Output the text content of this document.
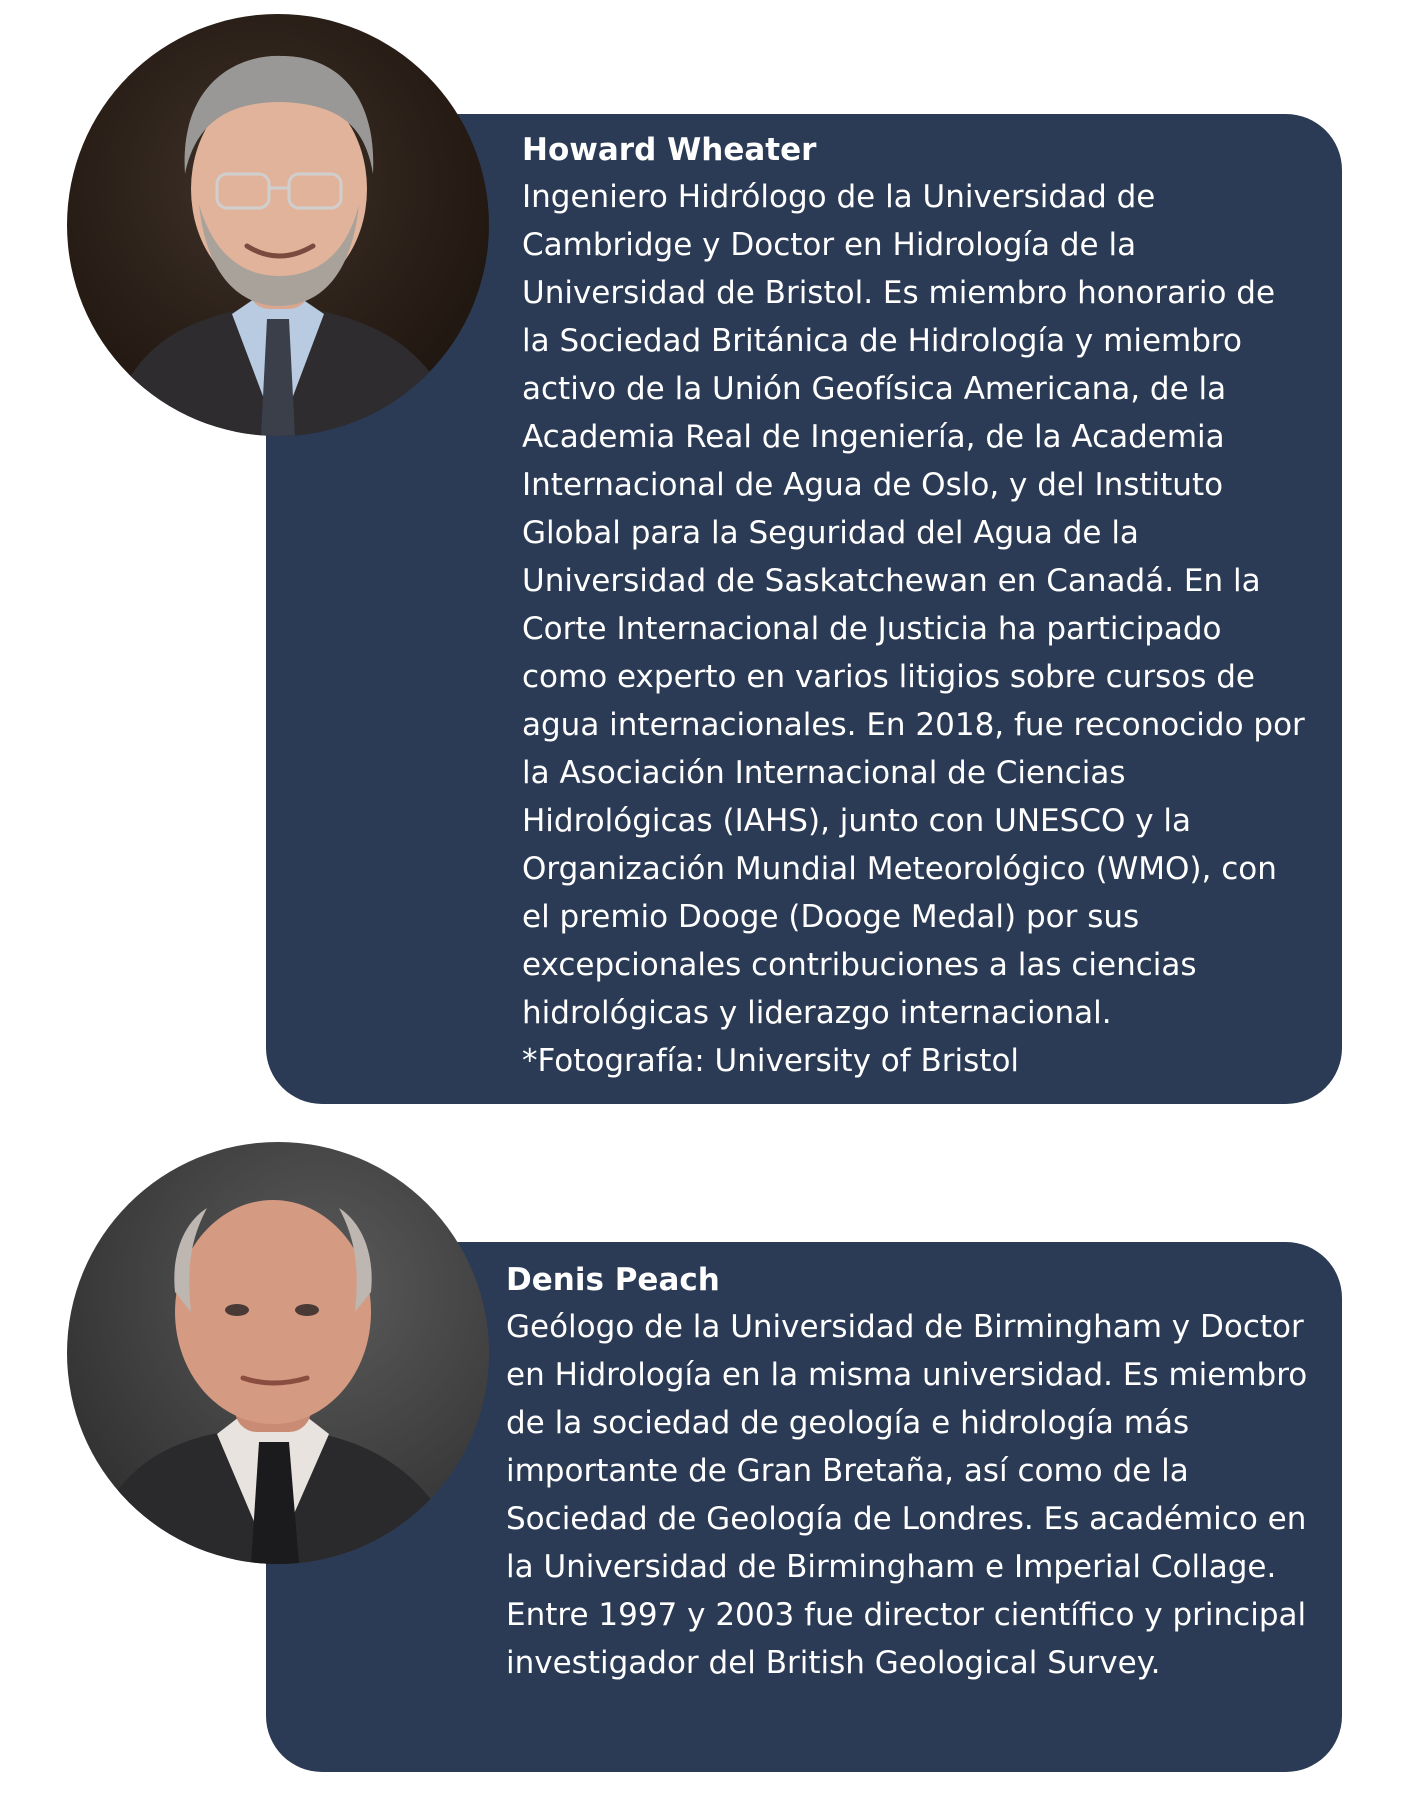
Howard Wheater

Ingeniero Hidrólogo de la Universidad de Cambridge y Doctor en Hidrología de la Universidad de Bristol. Es miembro honorario de la Sociedad Británica de Hidrología y miembro activo de la Unión Geofísica Americana, de la Academia Real de Ingeniería, de la Academia Internacional de Agua de Oslo, y del Instituto Global para la Seguridad del Agua de la Universidad de Saskatchewan en Canadá. En la Corte Internacional de Justicia ha participado como experto en varios litigios sobre cursos de agua internacionales. En 2018, fue reconocido por la Asociación Internacional de Ciencias Hidrológicas (IAHS), junto con UNESCO y la Organización Mundial Meteorológico (WMO), con el premio Dooge (Dooge Medal) por sus excepcionales contribuciones a las ciencias hidrológicas y liderazgo internacional.

*Fotografía: University of Bristol

Denis Peach

Geólogo de la Universidad de Birmingham y Doctor en Hidrología en la misma universidad. Es miembro de la sociedad de geología e hidrología más importante de Gran Bretaña, así como de la Sociedad de Geología de Londres. Es académico en la Universidad de Birmingham e Imperial Collage. Entre 1997 y 2003 fue director científico y principal investigador del British Geological Survey.
